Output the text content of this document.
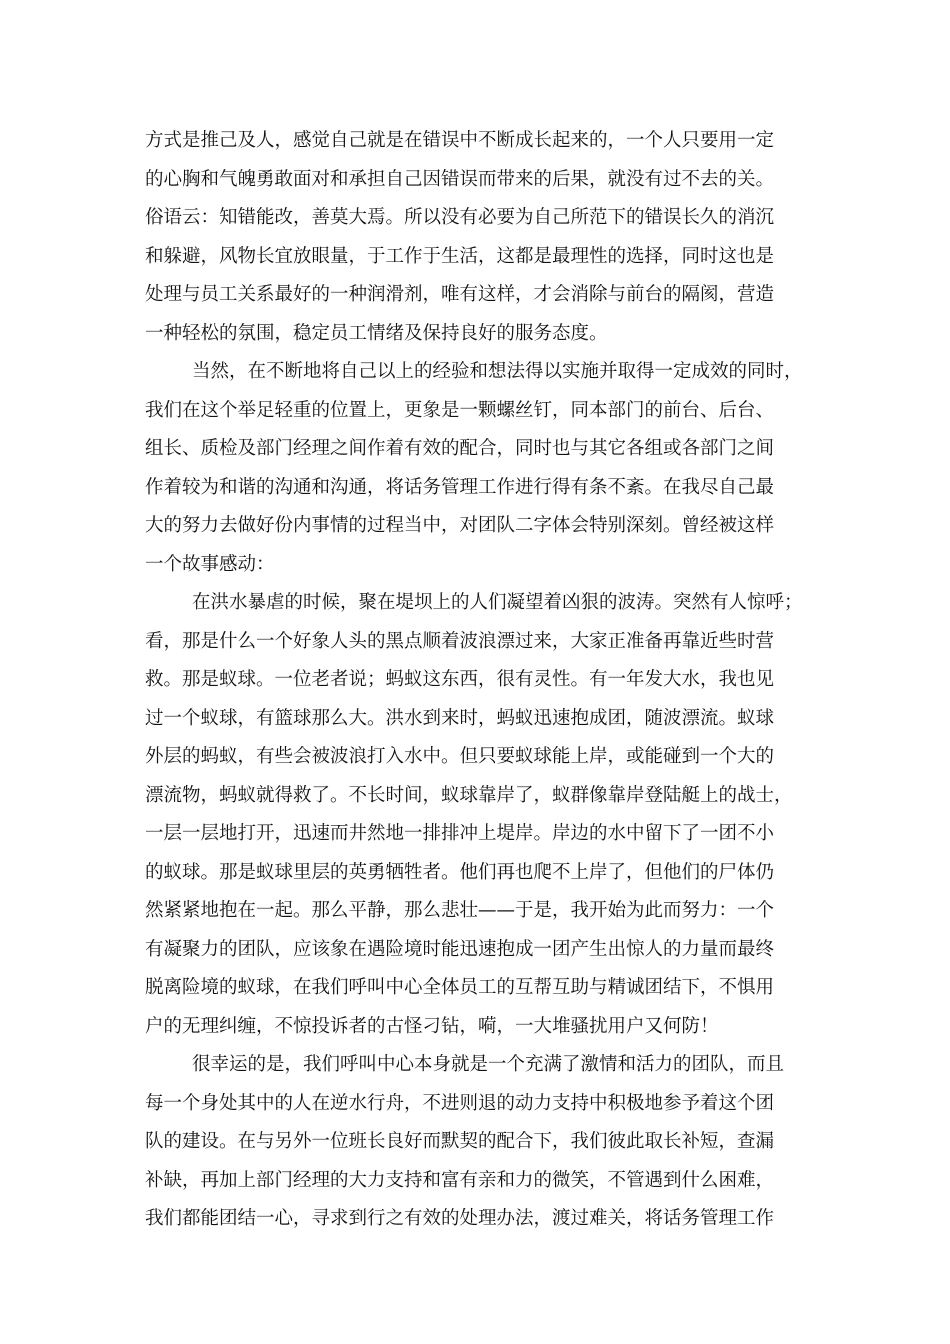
方式是推己及人，感觉自己就是在错误中不断成长起来的，一个人只要用一定
的心胸和气魄勇敢面对和承担自己因错误而带来的后果，就没有过不去的关。
俗语云：知错能改，善莫大焉。所以没有必要为自己所范下的错误长久的消沉
和躲避，风物长宜放眼量，于工作于生活，这都是最理性的选择，同时这也是
处理与员工关系最好的一种润滑剂，唯有这样，才会消除与前台的隔阂，营造
一种轻松的氛围，稳定员工情绪及保持良好的服务态度。
当然，在不断地将自己以上的经验和想法得以实施并取得一定成效的同时，
我们在这个举足轻重的位置上，更象是一颗螺丝钉，同本部门的前台、后台、
组长、质检及部门经理之间作着有效的配合，同时也与其它各组或各部门之间
作着较为和谐的沟通和沟通，将话务管理工作进行得有条不紊。在我尽自己最
大的努力去做好份内事情的过程当中，对团队二字体会特别深刻。曾经被这样
一个故事感动：
在洪水暴虐的时候，聚在堤坝上的人们凝望着凶狠的波涛。突然有人惊呼；
看，那是什么一个好象人头的黑点顺着波浪漂过来，大家正准备再靠近些时营
救。那是蚁球。一位老者说；蚂蚁这东西，很有灵性。有一年发大水，我也见
过一个蚁球，有篮球那么大。洪水到来时，蚂蚁迅速抱成团，随波漂流。蚁球
外层的蚂蚁，有些会被波浪打入水中。但只要蚁球能上岸，或能碰到一个大的
漂流物，蚂蚁就得救了。不长时间，蚁球靠岸了，蚁群像靠岸登陆艇上的战士，
一层一层地打开，迅速而井然地一排排冲上堤岸。岸边的水中留下了一团不小
的蚁球。那是蚁球里层的英勇牺牲者。他们再也爬不上岸了，但他们的尸体仍
然紧紧地抱在一起。那么平静，那么悲壮——于是，我开始为此而努力：一个
有凝聚力的团队，应该象在遇险境时能迅速抱成一团产生出惊人的力量而最终
脱离险境的蚁球，在我们呼叫中心全体员工的互帮互助与精诚团结下，不惧用
户的无理纠缠，不惊投诉者的古怪刁钻，嗬，一大堆骚扰用户又何防！
很幸运的是，我们呼叫中心本身就是一个充满了激情和活力的团队，而且
每一个身处其中的人在逆水行舟，不进则退的动力支持中积极地参予着这个团
队的建设。在与另外一位班长良好而默契的配合下，我们彼此取长补短，查漏
补缺，再加上部门经理的大力支持和富有亲和力的微笑，不管遇到什么困难，
我们都能团结一心，寻求到行之有效的处理办法，渡过难关，将话务管理工作
